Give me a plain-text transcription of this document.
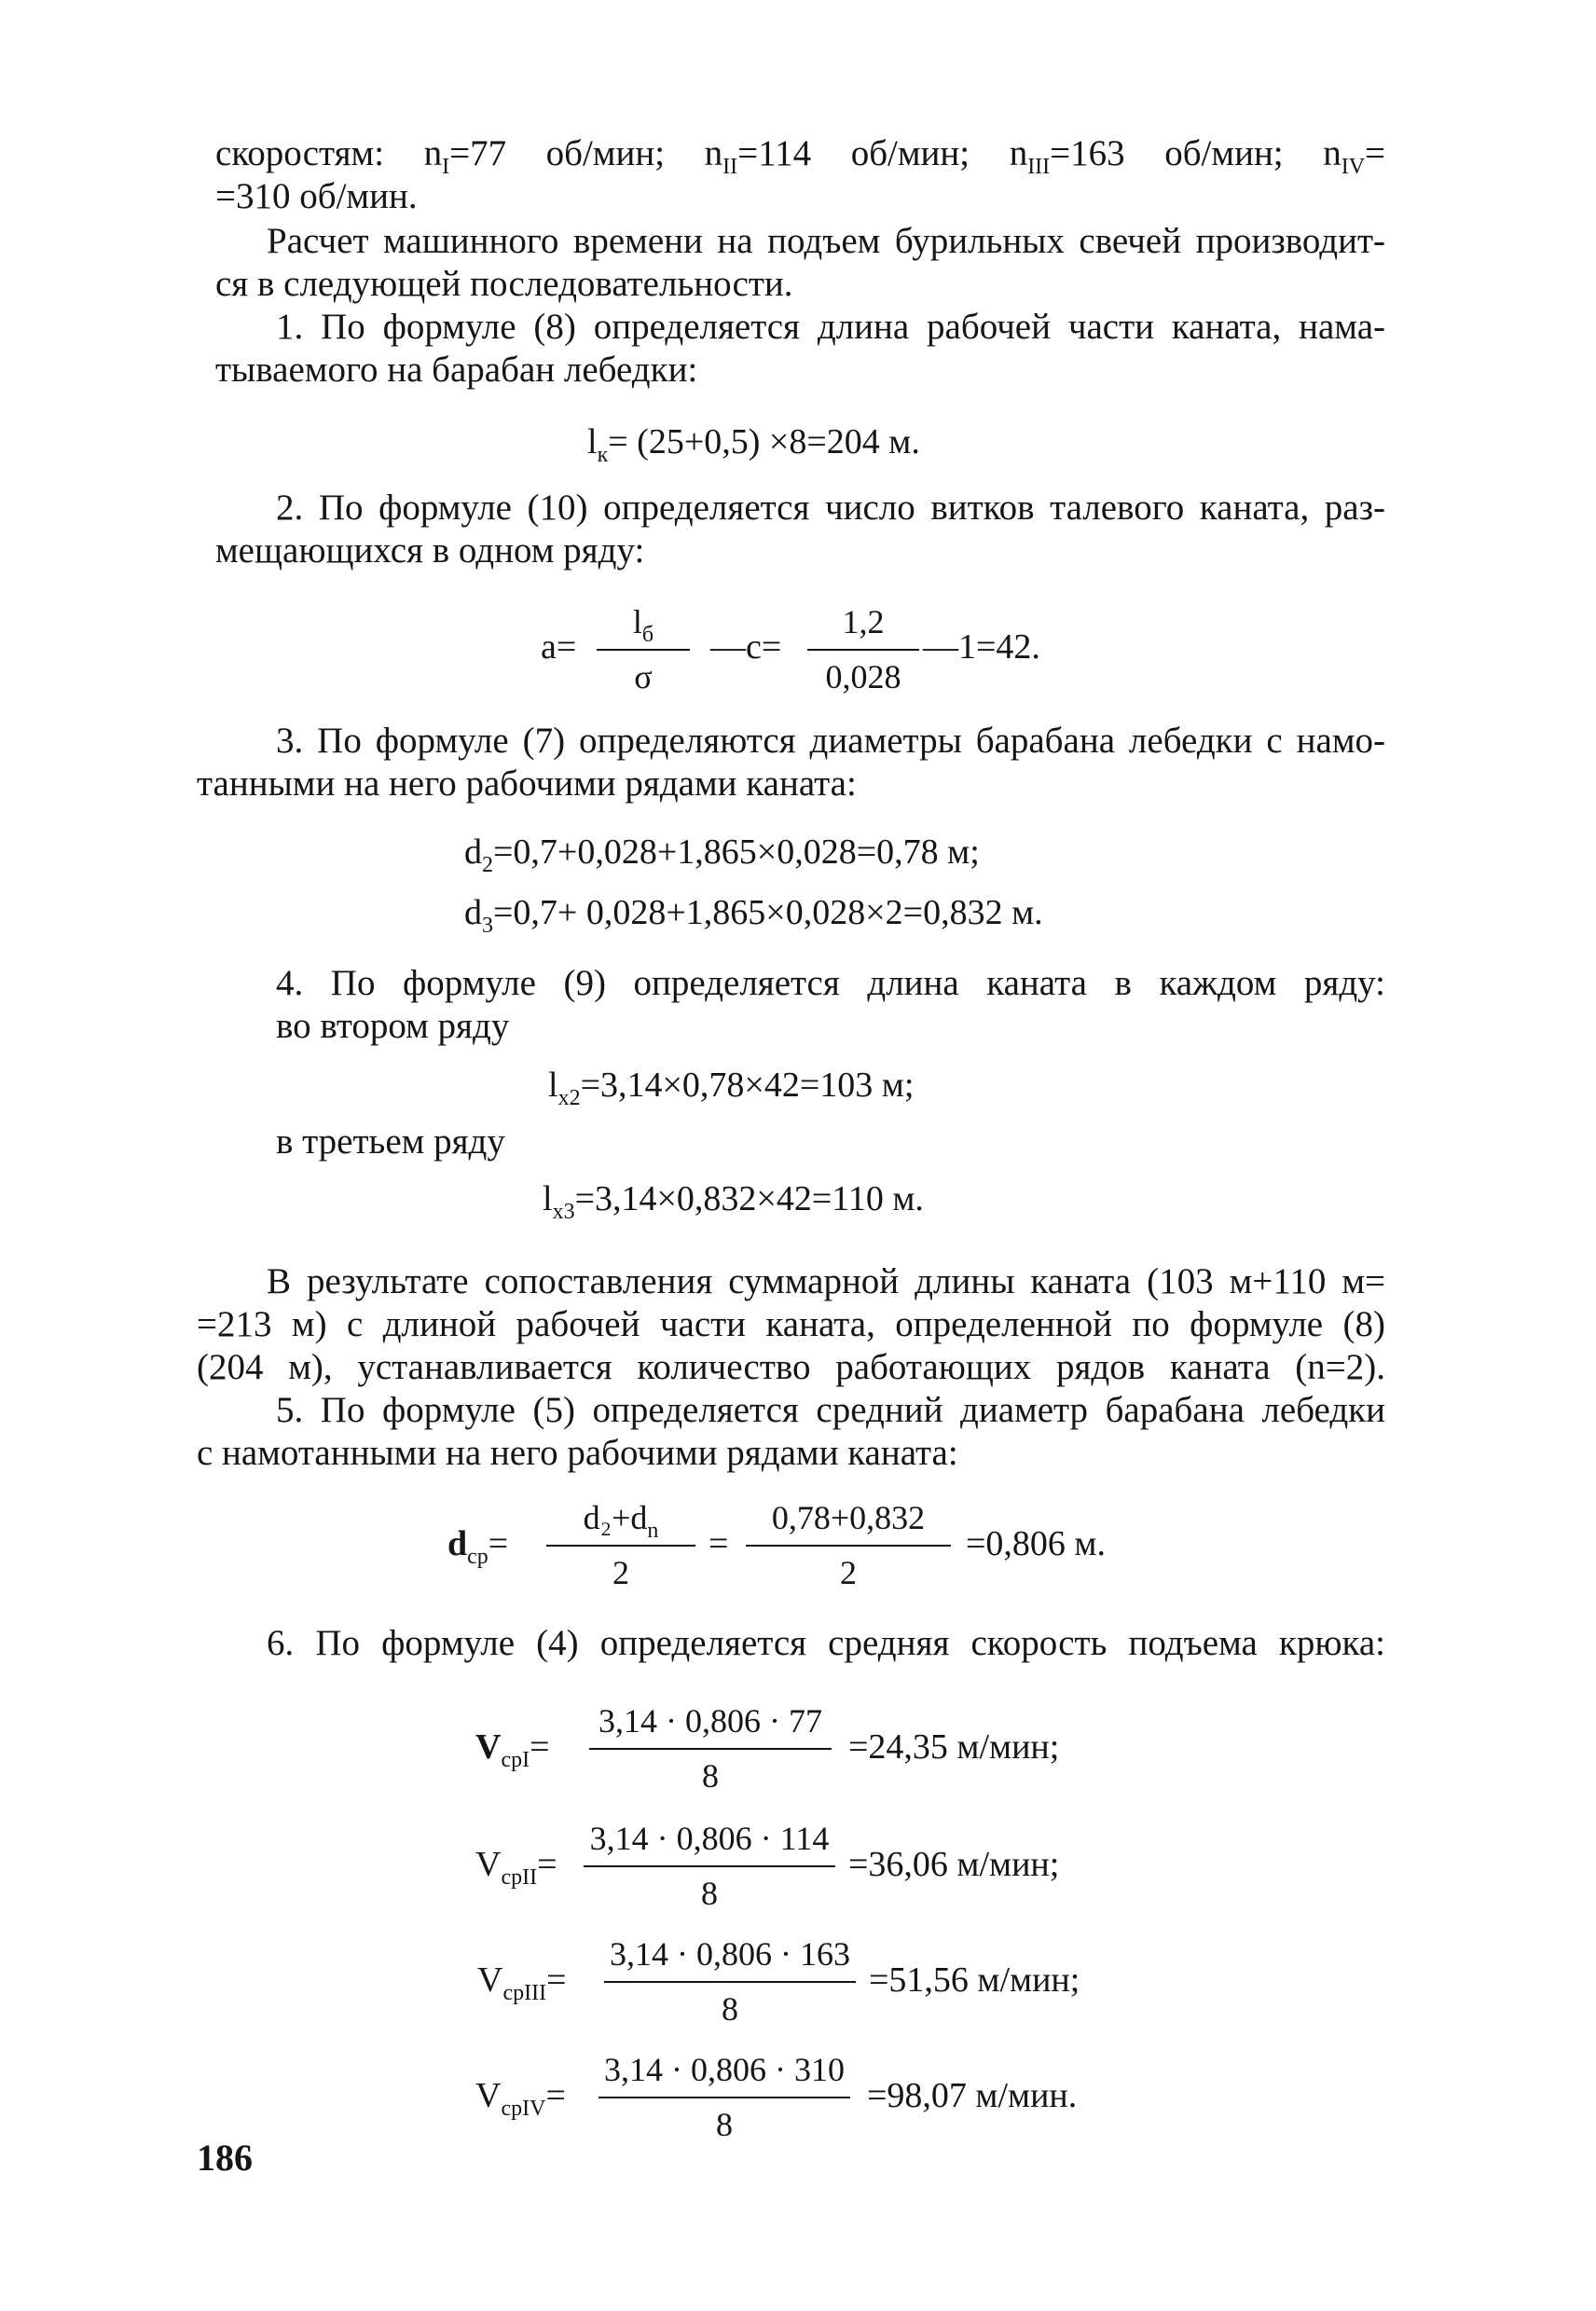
скоростям: $n_I=77$ об/мин; $n_{II}=114$ об/мин; $n_{III}=163$ об/мин; $n_{IV}=$
=310 об/мин.
Расчет машинного времени на подъем бурильных свечей производит-
ся в следующей последовательности.
1. По формуле (8) определяется длина рабочей части каната, нама-
тываемого на барабан лебедки:
$l_к= (25+0,5) \times 8=204$ м.
2. По формуле (10) определяется число витков талевого каната, раз-
мещающихся в одном ряду:
a=
$l_б$
σ
—c=
1,2
0,028
—1=42.
3. По формуле (7) определяются диаметры барабана лебедки с намо-
танными на него рабочими рядами каната:
$d_2=0,7+0,028+1,865\times 0,028=0,78$ м;
$d_3=0,7+ 0,028+1,865\times 0,028\times 2=0,832$ м.
4. По формуле (9) определяется длина каната в каждом ряду:
во втором ряду
$l_{x2}=3,14\times 0,78\times 42=103$ м;
в третьем ряду
$l_{x3}=3,14\times 0,832\times 42=110$ м.
В результате сопоставления суммарной длины каната (103 м+110 м=
=213 м) с длиной рабочей части каната, определенной по формуле (8)
(204 м), устанавливается количество работающих рядов каната (n=2).
5. По формуле (5) определяется средний диаметр барабана лебедки
с намотанными на него рабочими рядами каната:
$d_{cp}=$
$d_2+d_n$
2
=
0,78+0,832
2
=0,806 м.
6. По формуле (4) определяется средняя скорость подъема крюка:
$V_{cpI}=$
3,14 · 0,806 · 77
8
=24,35 м/мин;
$V_{cpII}=$
3,14 · 0,806 · 114
8
=36,06 м/мин;
$V_{cpIII}=$
3,14 · 0,806 · 163
8
=51,56 м/мин;
$V_{cpIV}=$
3,14 · 0,806 · 310
8
=98,07 м/мин.
186
